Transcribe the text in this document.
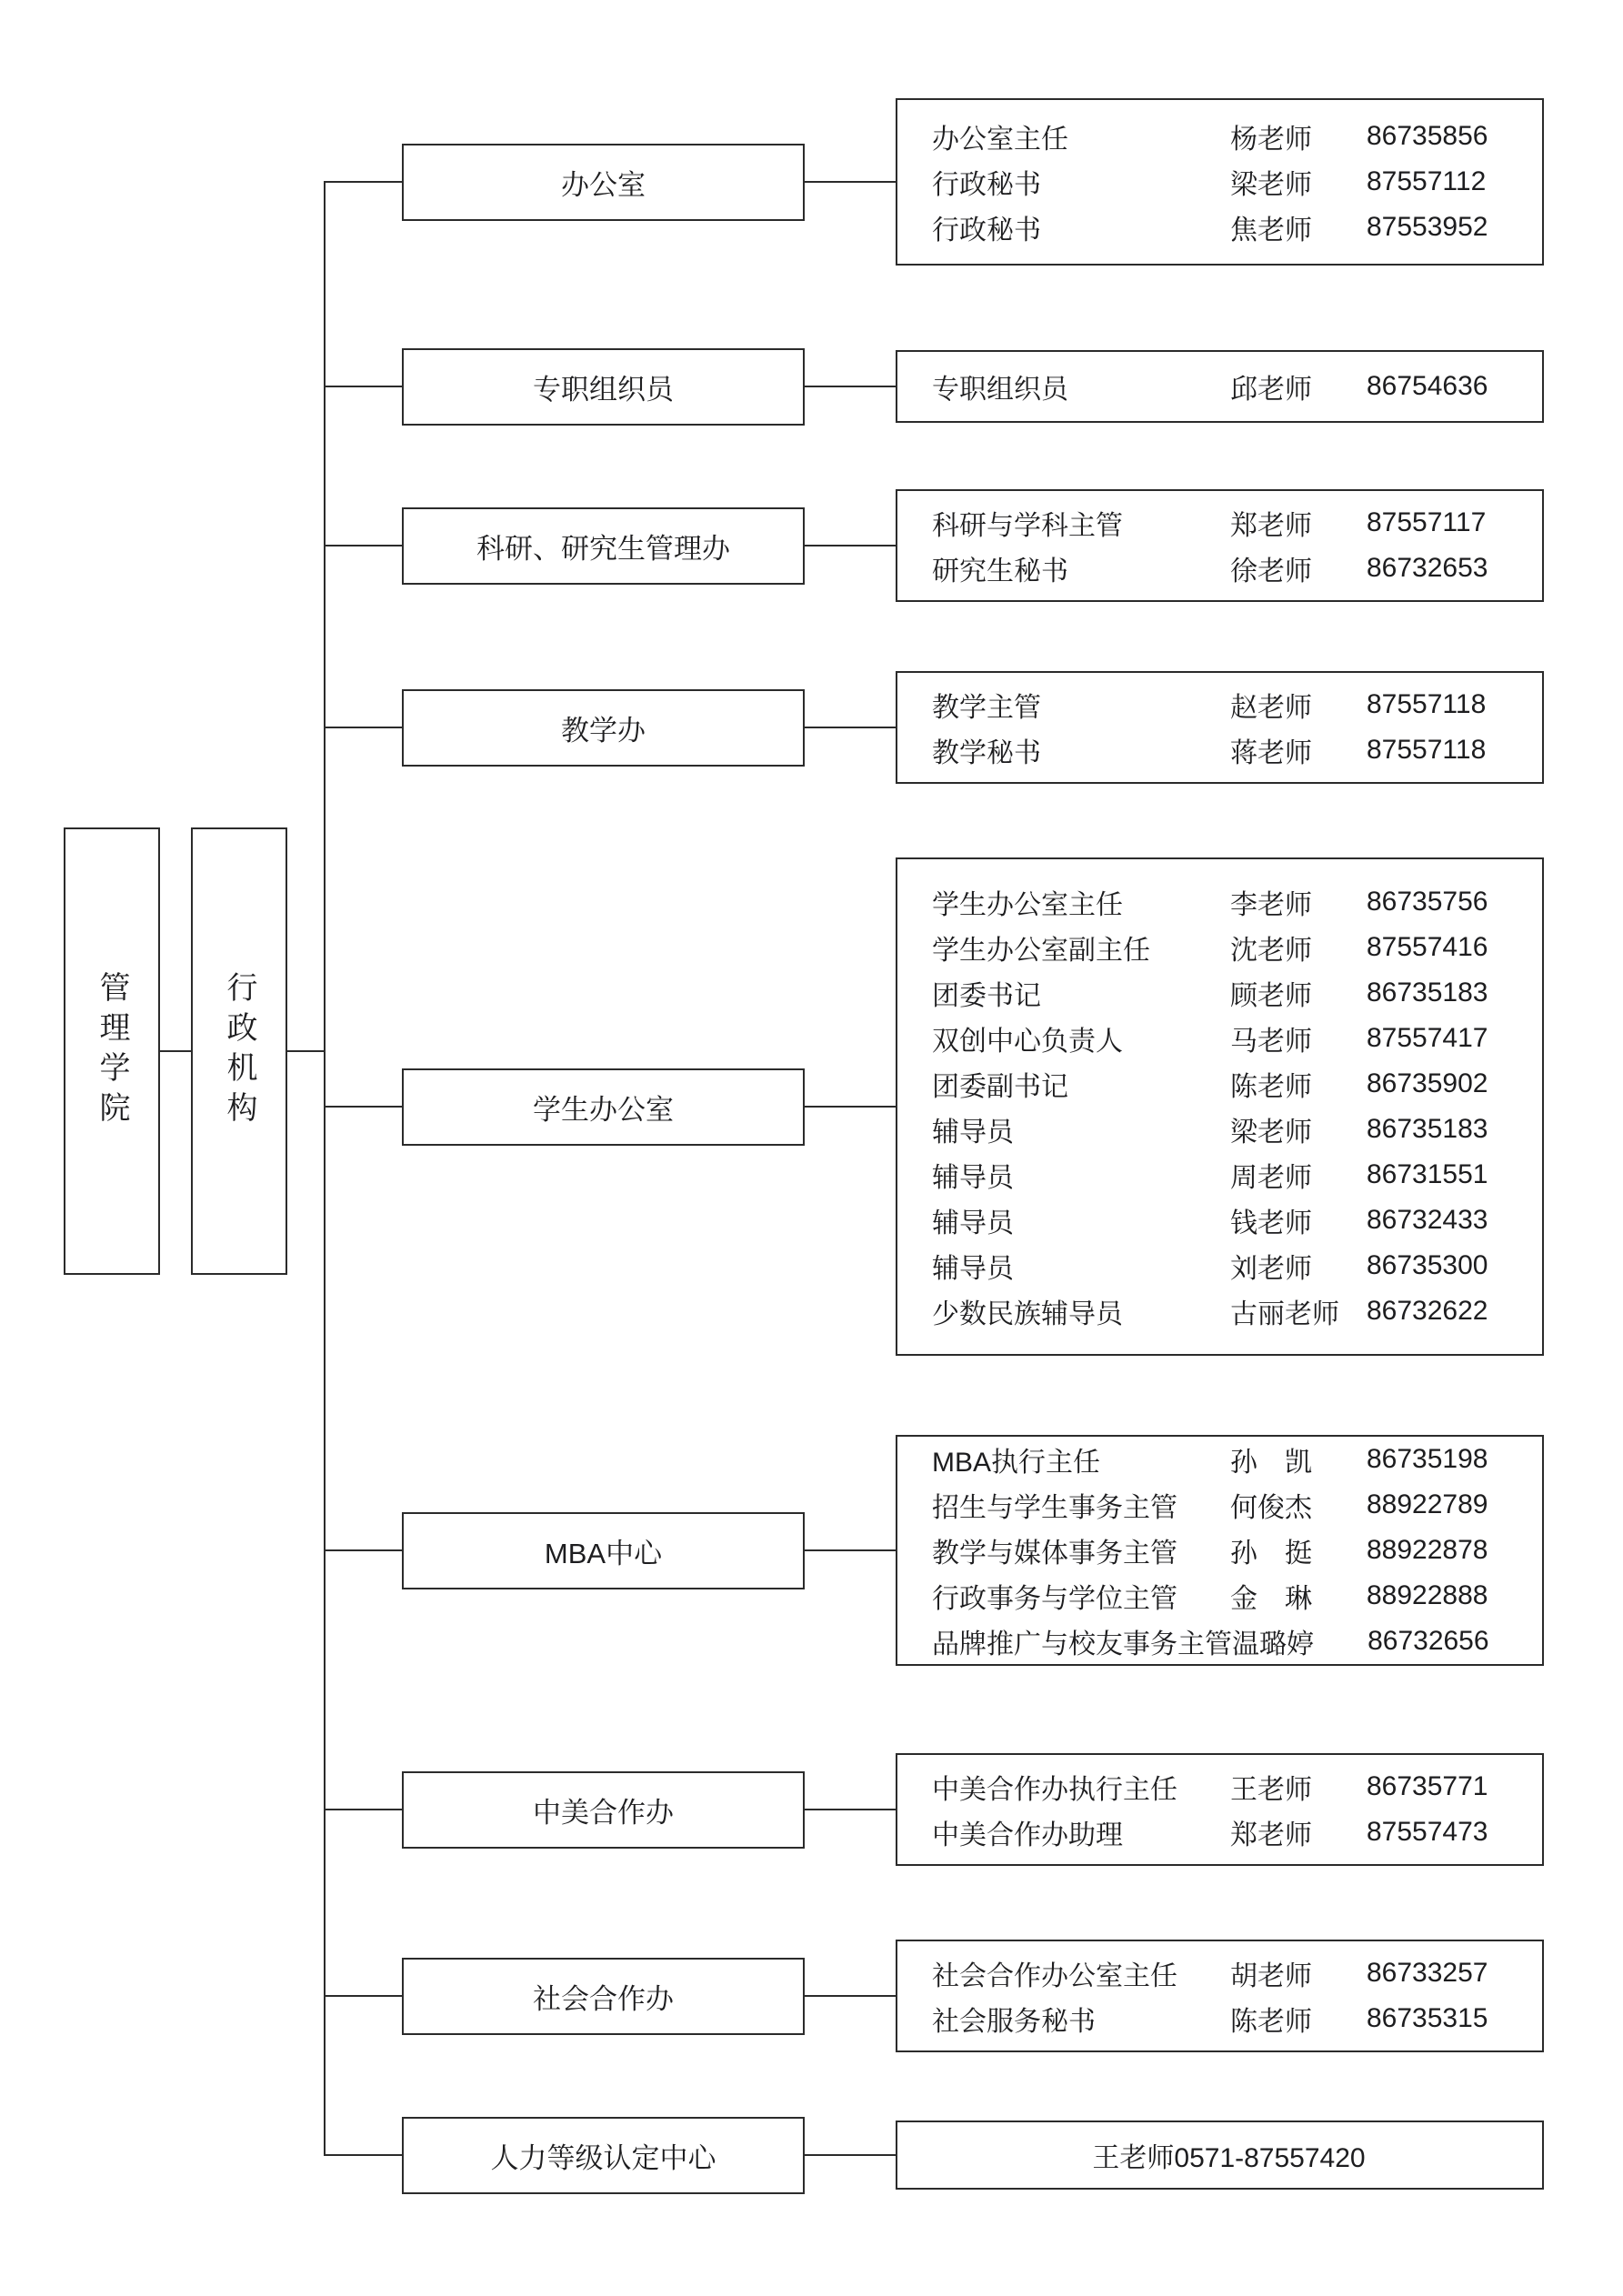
管理学院	行政机构
办公室
专职组织员
科研、研究生管理办
教学办
学生办公室
MBA中心
中美合作办
社会合作办
人力等级认定中心
办公室主任	杨老师	86735856
行政秘书	梁老师	87557112
行政秘书	焦老师	87553952
专职组织员	邱老师	86754636
科研与学科主管	郑老师	87557117
研究生秘书	徐老师	86732653
教学主管	赵老师	87557118
教学秘书	蒋老师	87557118
学生办公室主任	李老师	86735756
学生办公室副主任	沈老师	87557416
团委书记	顾老师	86735183
双创中心负责人	马老师	87557417
团委副书记	陈老师	86735902
辅导员	梁老师	86735183
辅导员	周老师	86731551
辅导员	钱老师	86732433
辅导员	刘老师	86735300
少数民族辅导员	古丽老师	86732622
MBA执行主任	孙　凯	86735198
招生与学生事务主管	何俊杰	88922789
教学与媒体事务主管	孙　挺	88922878
行政事务与学位主管	金　琳	88922888
品牌推广与校友事务主管 温璐婷	86732656
中美合作办执行主任	王老师	86735771
中美合作办助理	郑老师	87557473
社会合作办公室主任	胡老师	86733257
社会服务秘书	陈老师	86735315
王老师0571-87557420
